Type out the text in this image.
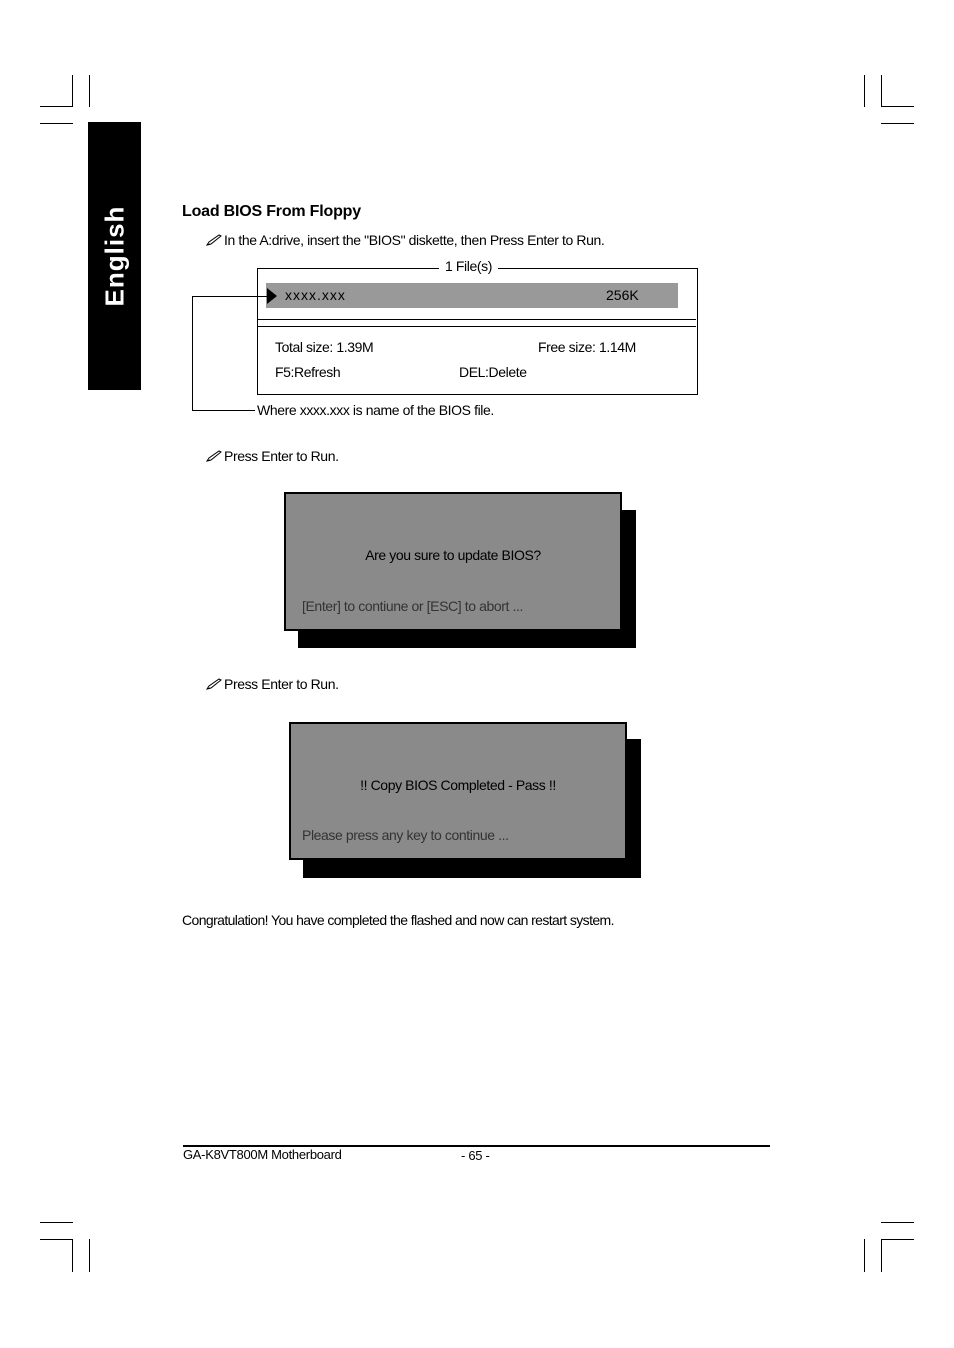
English	Load BIOS From Floppy
In the A:drive, insert the "BIOS" diskette, then Press Enter to Run.
1 File(s)
xxxx.xxx	256K
Total size: 1.39M	Free size: 1.14M
F5:Refresh	DEL:Delete
Where xxxx.xxx is name of the BIOS file.
Press Enter to Run.
Are you sure to update BIOS?
[Enter] to contiune or [ESC] to abort ...
Press Enter to Run.
!! Copy BIOS Completed - Pass !!
Please press any key to continue ...
Congratulation! You have completed the flashed and now can restart system.
GA-K8VT800M Motherboard	- 65 -
